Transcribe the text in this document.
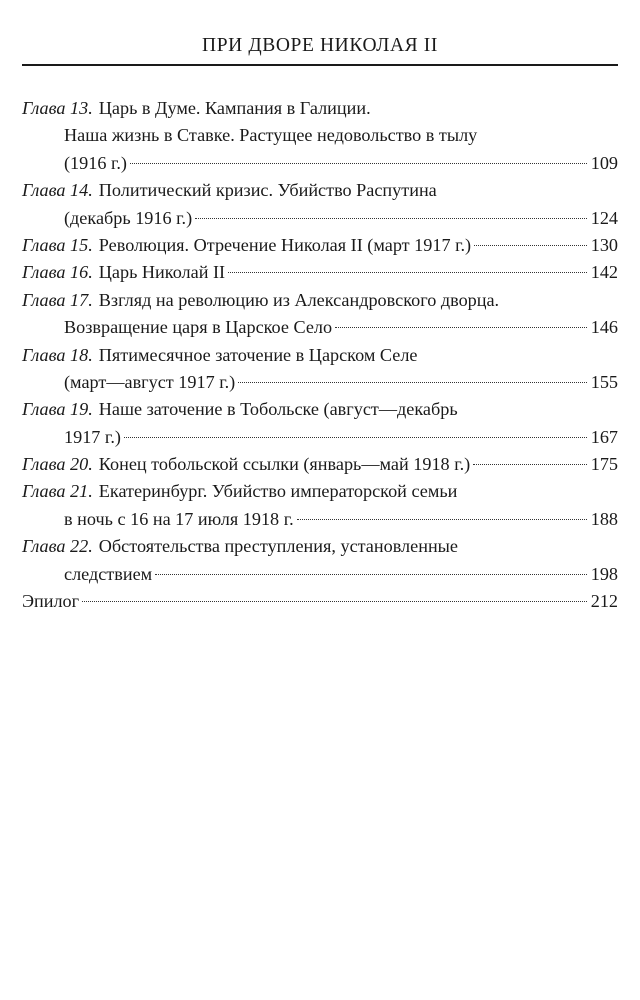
ПРИ ДВОРЕ НИКОЛАЯ II
Глава 13. Царь в Думе. Кампания в Галиции.
Наша жизнь в Ставке. Растущее недовольство в тылу
(1916 г.)	109
Глава 14. Политический кризис. Убийство Распутина
(декабрь 1916 г.)	124
Глава 15. Революция. Отречение Николая II (март 1917 г.)	130
Глава 16. Царь Николай II	142
Глава 17. Взгляд на революцию из Александровского дворца.
Возвращение царя в Царское Село	146
Глава 18. Пятимесячное заточение в Царском Селе
(март—август 1917 г.)	155
Глава 19. Наше заточение в Тобольске (август—декабрь
1917 г.)	167
Глава 20. Конец тобольской ссылки (январь—май 1918 г.)	175
Глава 21. Екатеринбург. Убийство императорской семьи
в ночь с 16 на 17 июля 1918 г.	188
Глава 22. Обстоятельства преступления, установленные
следствием	198
Эпилог	212
